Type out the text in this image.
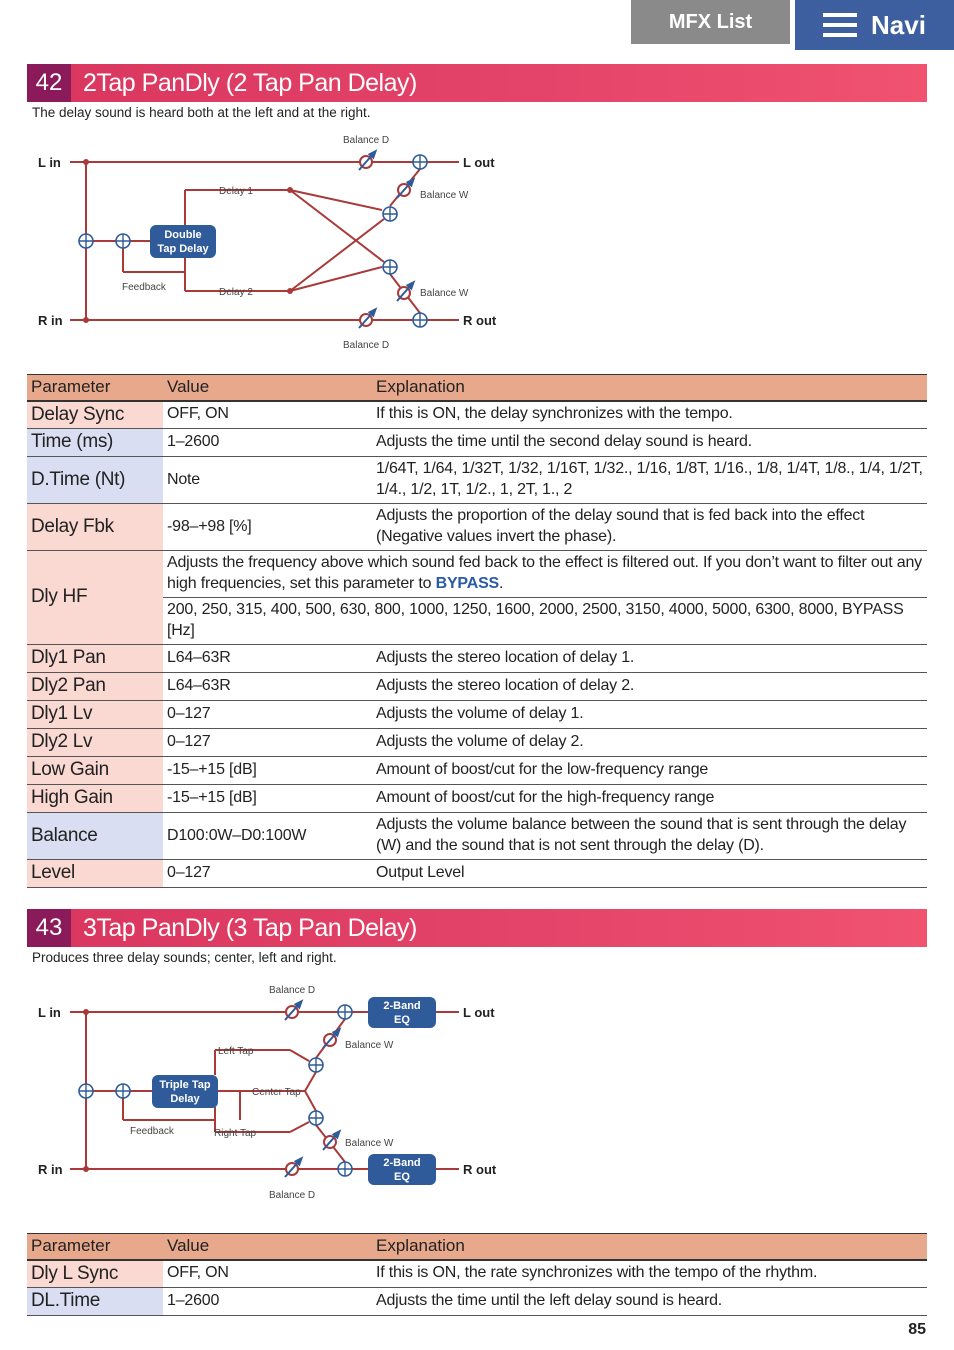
MFX List	Navi
42 2Tap PanDly (2 Tap Pan Delay)
The delay sound is heard both at the left and at the right.
Double
Tap Delay
L in
R in
L out
R out
Balance D
Balance D
Balance W
Balance W
Delay 1
Delay 2
Feedback
Parameter	Value	Explanation
Delay Sync	OFF, ON	If this is ON, the delay synchronizes with the tempo.
Time (ms)	1–2600	Adjusts the time until the second delay sound is heard.
D.Time (Nt)	Note	1/64T, 1/64, 1/32T, 1/32, 1/16T, 1/32., 1/16, 1/8T, 1/16., 1/8, 1/4T, 1/8., 1/4, 1/2T, 1/4., 1/2, 1T, 1/2., 1, 2T, 1., 2
Delay Fbk	-98–+98 [%]	Adjusts the proportion of the delay sound that is fed back into the effect (Negative values invert the phase).
Dly HF	Adjusts the frequency above which sound fed back to the effect is filtered out. If you don’t want to filter out any high frequencies, set this parameter to BYPASS.	
	200, 250, 315, 400, 500, 630, 800, 1000, 1250, 1600, 2000, 2500, 3150, 4000, 5000, 6300, 8000, BYPASS [Hz]	
Dly1 Pan	L64–63R	Adjusts the stereo location of delay 1.
Dly2 Pan	L64–63R	Adjusts the stereo location of delay 2.
Dly1 Lv	0–127	Adjusts the volume of delay 1.
Dly2 Lv	0–127	Adjusts the volume of delay 2.
Low Gain	-15–+15 [dB]	Amount of boost/cut for the low-frequency range
High Gain	-15–+15 [dB]	Amount of boost/cut for the high-frequency range
Balance	D100:0W–D0:100W	Adjusts the volume balance between the sound that is sent through the delay (W) and the sound that is not sent through the delay (D).
Level	0–127	Output Level
43 3Tap PanDly (3 Tap Pan Delay)
Produces three delay sounds; center, left and right.
2-Band
EQ
2-Band
EQ
Triple Tap
Delay
L in
R in
L out
R out
Balance D
Balance D
Balance W
Balance W
Left Tap
Center Tap
Right Tap
Feedback
Parameter	Value	Explanation
Dly L Sync	OFF, ON	If this is ON, the rate synchronizes with the tempo of the rhythm.
DL.Time	1–2600	Adjusts the time until the left delay sound is heard.
85
